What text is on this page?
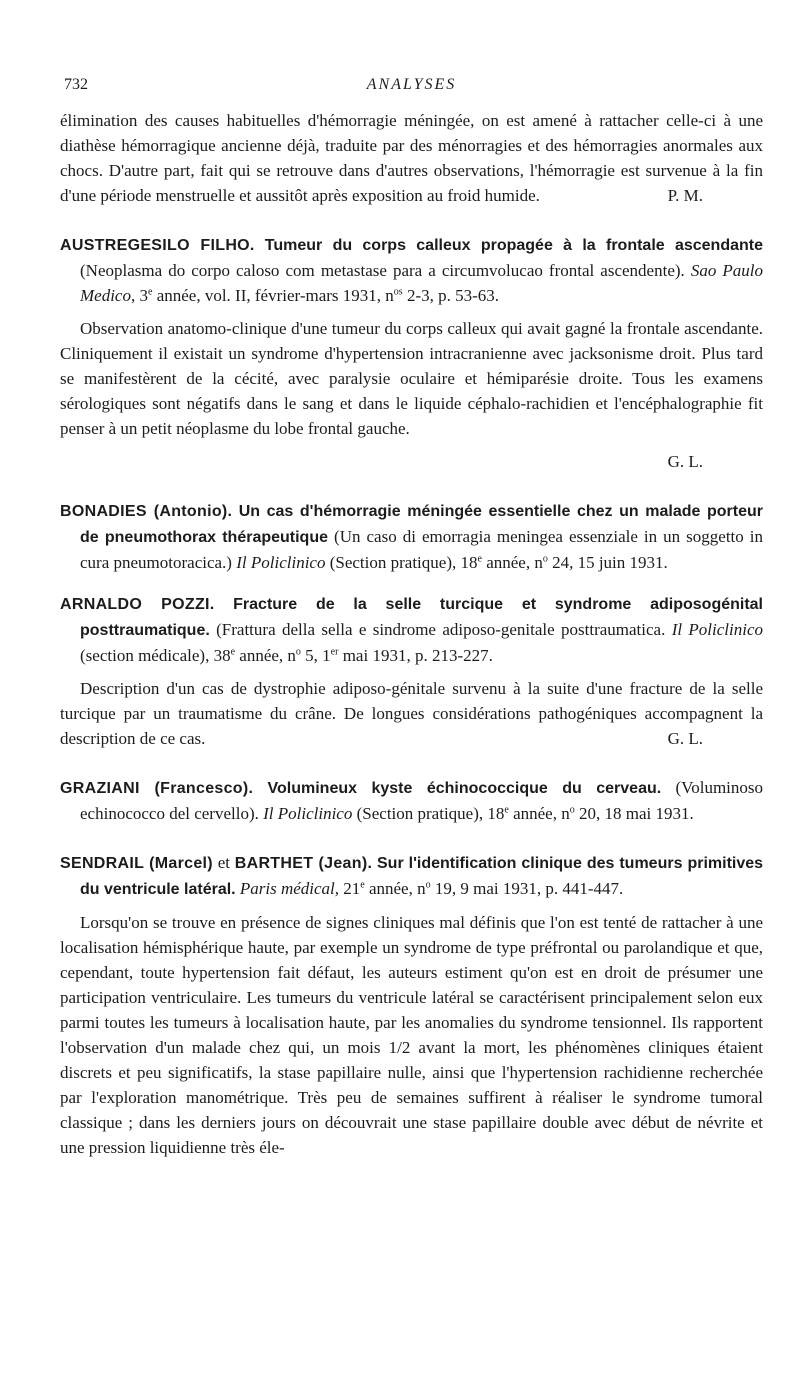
732	ANALYSES

élimination des causes habituelles d'hémorragie méningée, on est amené à rattacher celle-ci à une diathèse hémorragique ancienne déjà, traduite par des ménorragies et des hémorragies anormales aux chocs. D'autre part, fait qui se retrouve dans d'autres observations, l'hémorragie est survenue à la fin d'une période menstruelle et aussitôt après exposition au froid humide.	P. M.

AUSTREGESILO FILHO. Tumeur du corps calleux propagée à la frontale ascendante (Neoplasma do corpo caloso com metastase para a circumvolucao frontal ascendente). Sao Paulo Medico, 3e année, vol. II, février-mars 1931, $n^{os}$ 2-3, p. 53-63.

Observation anatomo-clinique d'une tumeur du corps calleux qui avait gagné la frontale ascendante. Cliniquement il existait un syndrome d'hypertension intracranienne avec jacksonisme droit. Plus tard se manifestèrent de la cécité, avec paralysie oculaire et hémiparésie droite. Tous les examens sérologiques sont négatifs dans le sang et dans le liquide céphalo-rachidien et l'encéphalographie fit penser à un petit néoplasme du lobe frontal gauche.

G. L.

BONADIES (Antonio). Un cas d'hémorragie méningée essentielle chez un malade porteur de pneumothorax thérapeutique (Un caso di emorragia meningea essenziale in un soggetto in cura pneumotoracica.) Il Policlinico (Section pratique), 18e année, $n^o$ 24, 15 juin 1931.

ARNALDO POZZI. Fracture de la selle turcique et syndrome adiposogénital posttraumatique. (Frattura della sella e sindrome adiposo-genitale posttraumatica. Il Policlinico (section médicale), 38e année, $n^o$ 5, 1er mai 1931, p. 213-227.

Description d'un cas de dystrophie adiposo-génitale survenu à la suite d'une fracture de la selle turcique par un traumatisme du crâne. De longues considérations pathogéniques accompagnent la description de ce cas.	G. L.

GRAZIANI (Francesco). Volumineux kyste échinococcique du cerveau. (Voluminoso echinococco del cervello). Il Policlinico (Section pratique), 18e année, $n^o$ 20, 18 mai 1931.

SENDRAIL (Marcel) et BARTHET (Jean). Sur l'identification clinique des tumeurs primitives du ventricule latéral. Paris médical, 21e année, $n^o$ 19, 9 mai 1931, p. 441-447.

Lorsqu'on se trouve en présence de signes cliniques mal définis que l'on est tenté de rattacher à une localisation hémisphérique haute, par exemple un syndrome de type préfrontal ou parolandique et que, cependant, toute hypertension fait défaut, les auteurs estiment qu'on est en droit de présumer une participation ventriculaire. Les tumeurs du ventricule latéral se caractérisent principalement selon eux parmi toutes les tumeurs à localisation haute, par les anomalies du syndrome tensionnel. Ils rapportent l'observation d'un malade chez qui, un mois 1/2 avant la mort, les phénomènes cliniques étaient discrets et peu significatifs, la stase papillaire nulle, ainsi que l'hypertension rachidienne recherchée par l'exploration manométrique. Très peu de semaines suffirent à réaliser le syndrome tumoral classique ; dans les derniers jours on découvrait une stase papillaire double avec début de névrite et une pression liquidienne très éle-
